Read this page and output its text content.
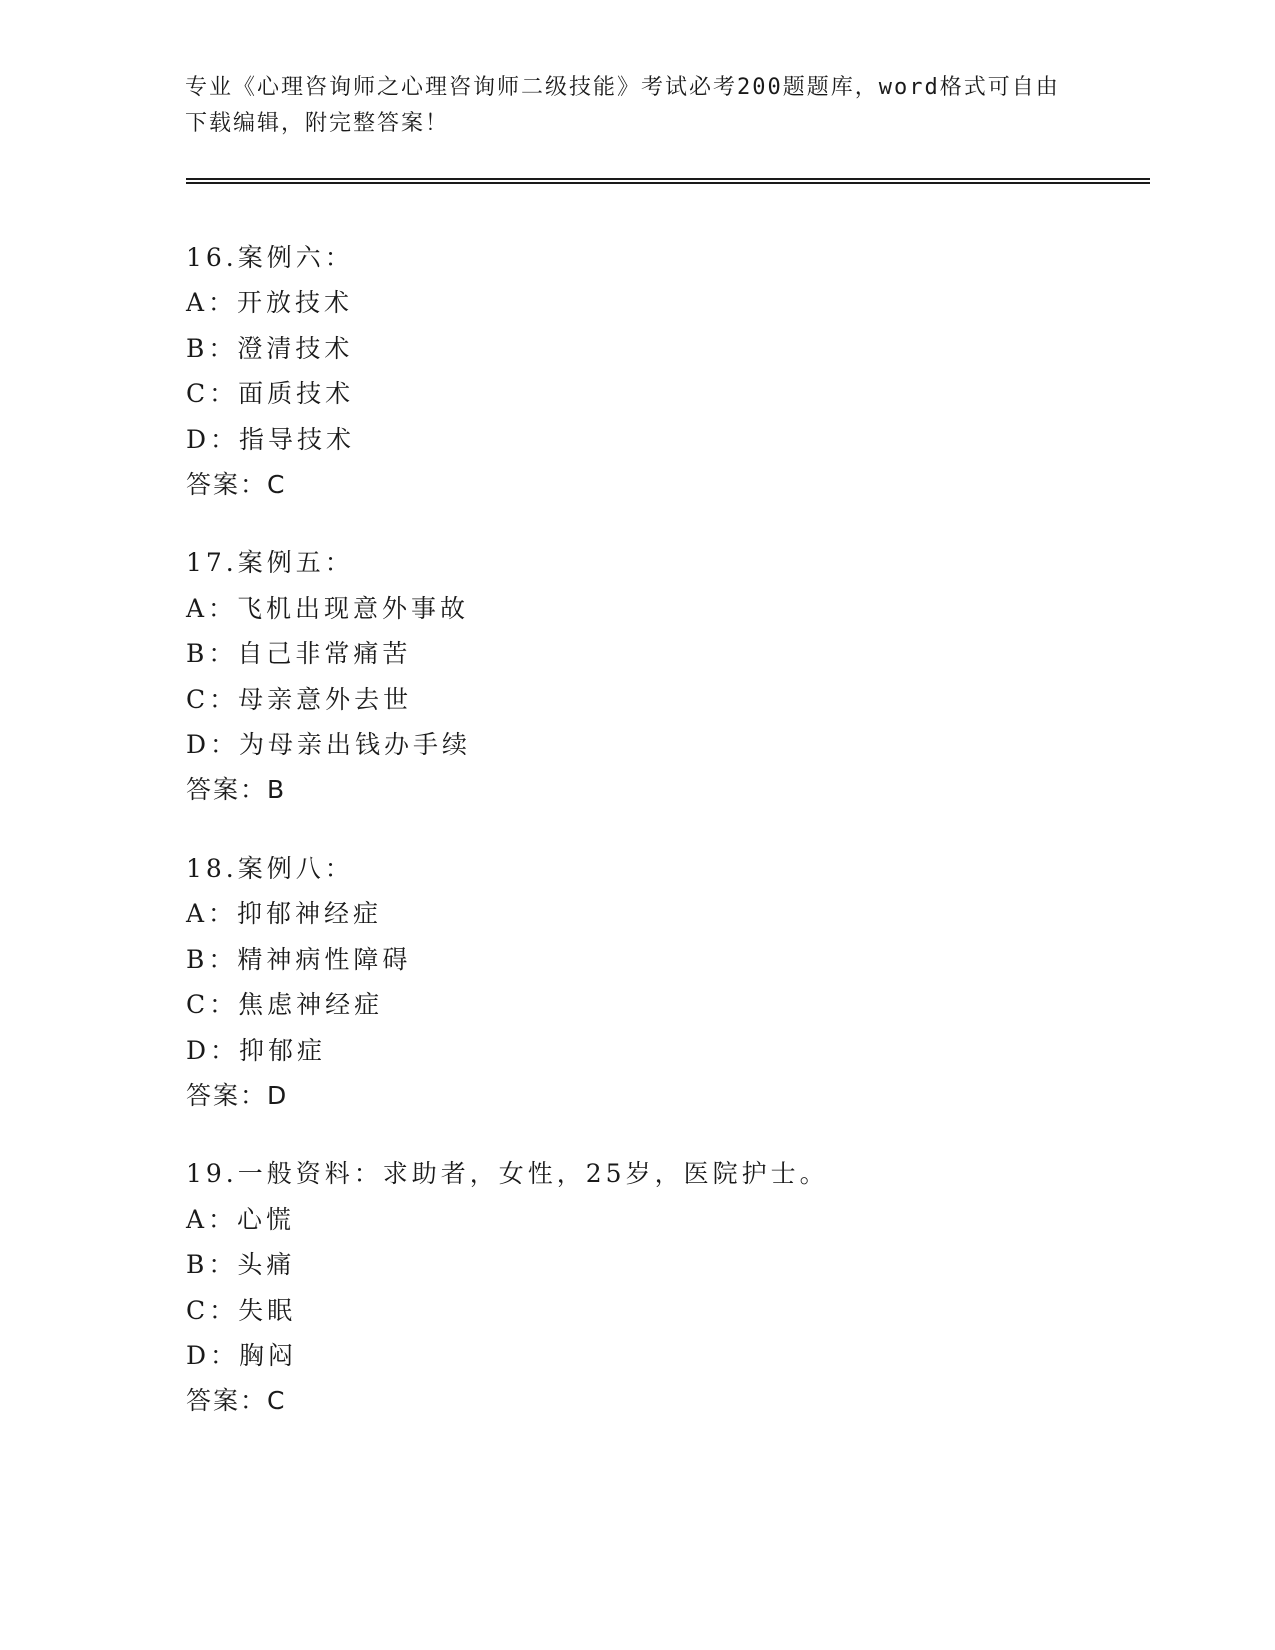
专业《心理咨询师之心理咨询师二级技能》考试必考200题题库，word格式可自由下载编辑，附完整答案！
16.案例六：
A：开放技术
B：澄清技术
C：面质技术
D：指导技术
答案：C
17.案例五：
A：飞机出现意外事故
B：自己非常痛苦
C：母亲意外去世
D：为母亲出钱办手续
答案：B
18.案例八：
A：抑郁神经症
B：精神病性障碍
C：焦虑神经症
D：抑郁症
答案：D
19.一般资料：求助者，女性，25岁，医院护士。
A：心慌
B：头痛
C：失眠
D：胸闷
答案：C
